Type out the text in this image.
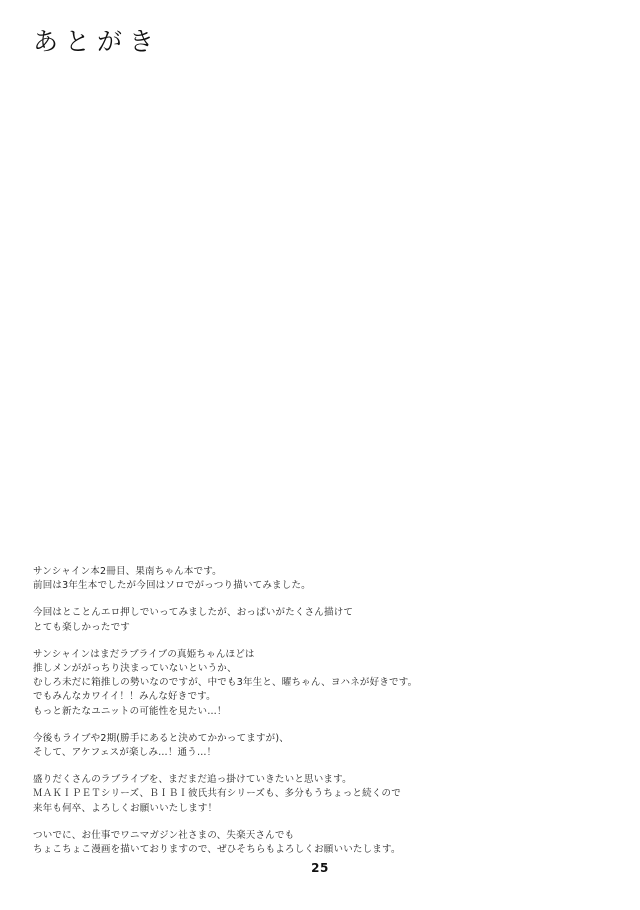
あとがき
サンシャイン本2冊目、果南ちゃん本です。
前回は3年生本でしたが今回はソロでがっつり描いてみました。
今回はとことんエロ押しでいってみましたが、おっぱいがたくさん描けて
とても楽しかったです
サンシャインはまだラブライブの真姫ちゃんほどは
推しメンががっちり決まっていないというか、
むしろ未だに箱推しの勢いなのですが、中でも3年生と、曜ちゃん、ヨハネが好きです。
でもみんなカワイイ！！みんな好きです。
もっと新たなユニットの可能性を見たい…！
今後もライブや2期(勝手にあると決めてかかってますが)、
そして、アケフェスが楽しみ…！通う…！
盛りだくさんのラブライブを、まだまだ追っ掛けていきたいと思います。
ＭＡＫＩＰＥＴシリーズ、ＢＩＢＩ彼氏共有シリーズも、多分もうちょっと続くので
来年も何卒、よろしくお願いいたします！
ついでに、お仕事でワニマガジン社さまの、失楽天さんでも
ちょこちょこ漫画を描いておりますので、ぜひそちらもよろしくお願いいたします。
25
